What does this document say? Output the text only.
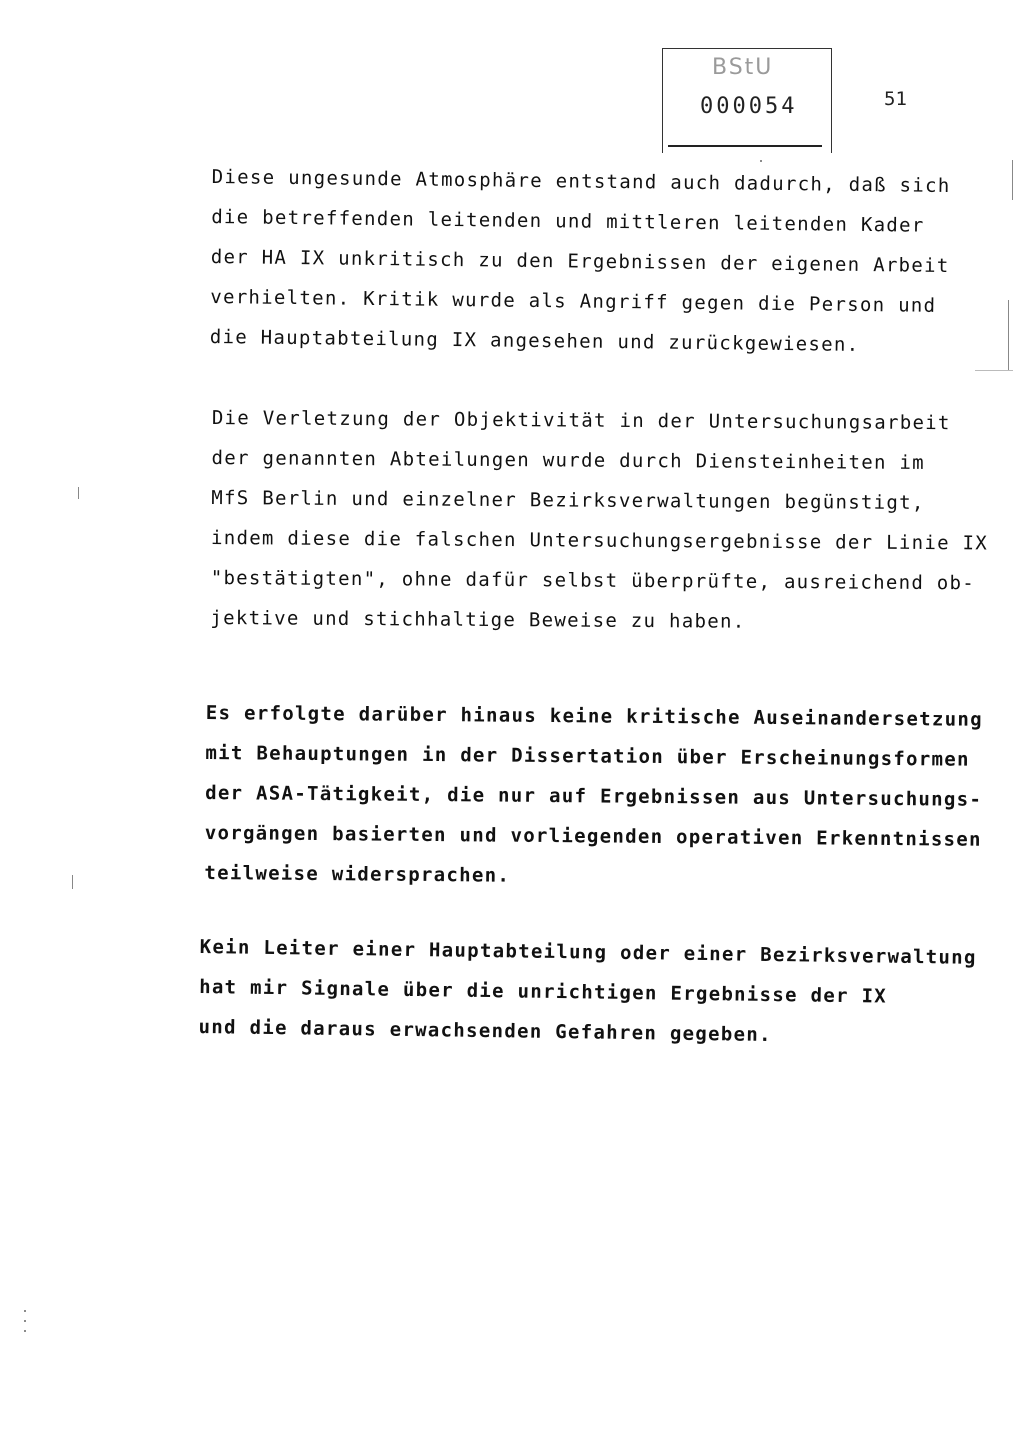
BStU
000054	51

Diese ungesunde Atmosphäre entstand auch dadurch, daß sich
die betreffenden leitenden und mittleren leitenden Kader
der HA IX unkritisch zu den Ergebnissen der eigenen Arbeit
verhielten. Kritik wurde als Angriff gegen die Person und
die Hauptabteilung IX angesehen und zurückgewiesen.

Die Verletzung der Objektivität in der Untersuchungsarbeit
der genannten Abteilungen wurde durch Diensteinheiten im
MfS Berlin und einzelner Bezirksverwaltungen begünstigt,
indem diese die falschen Untersuchungsergebnisse der Linie IX
"bestätigten", ohne dafür selbst überprüfte, ausreichend ob-
jektive und stichhaltige Beweise zu haben.

Es erfolgte darüber hinaus keine kritische Auseinandersetzung
mit Behauptungen in der Dissertation über Erscheinungsformen
der ASA-Tätigkeit, die nur auf Ergebnissen aus Untersuchungs-
vorgängen basierten und vorliegenden operativen Erkenntnissen
teilweise widersprachen.

Kein Leiter einer Hauptabteilung oder einer Bezirksverwaltung
hat mir Signale über die unrichtigen Ergebnisse der IX
und die daraus erwachsenden Gefahren gegeben.
